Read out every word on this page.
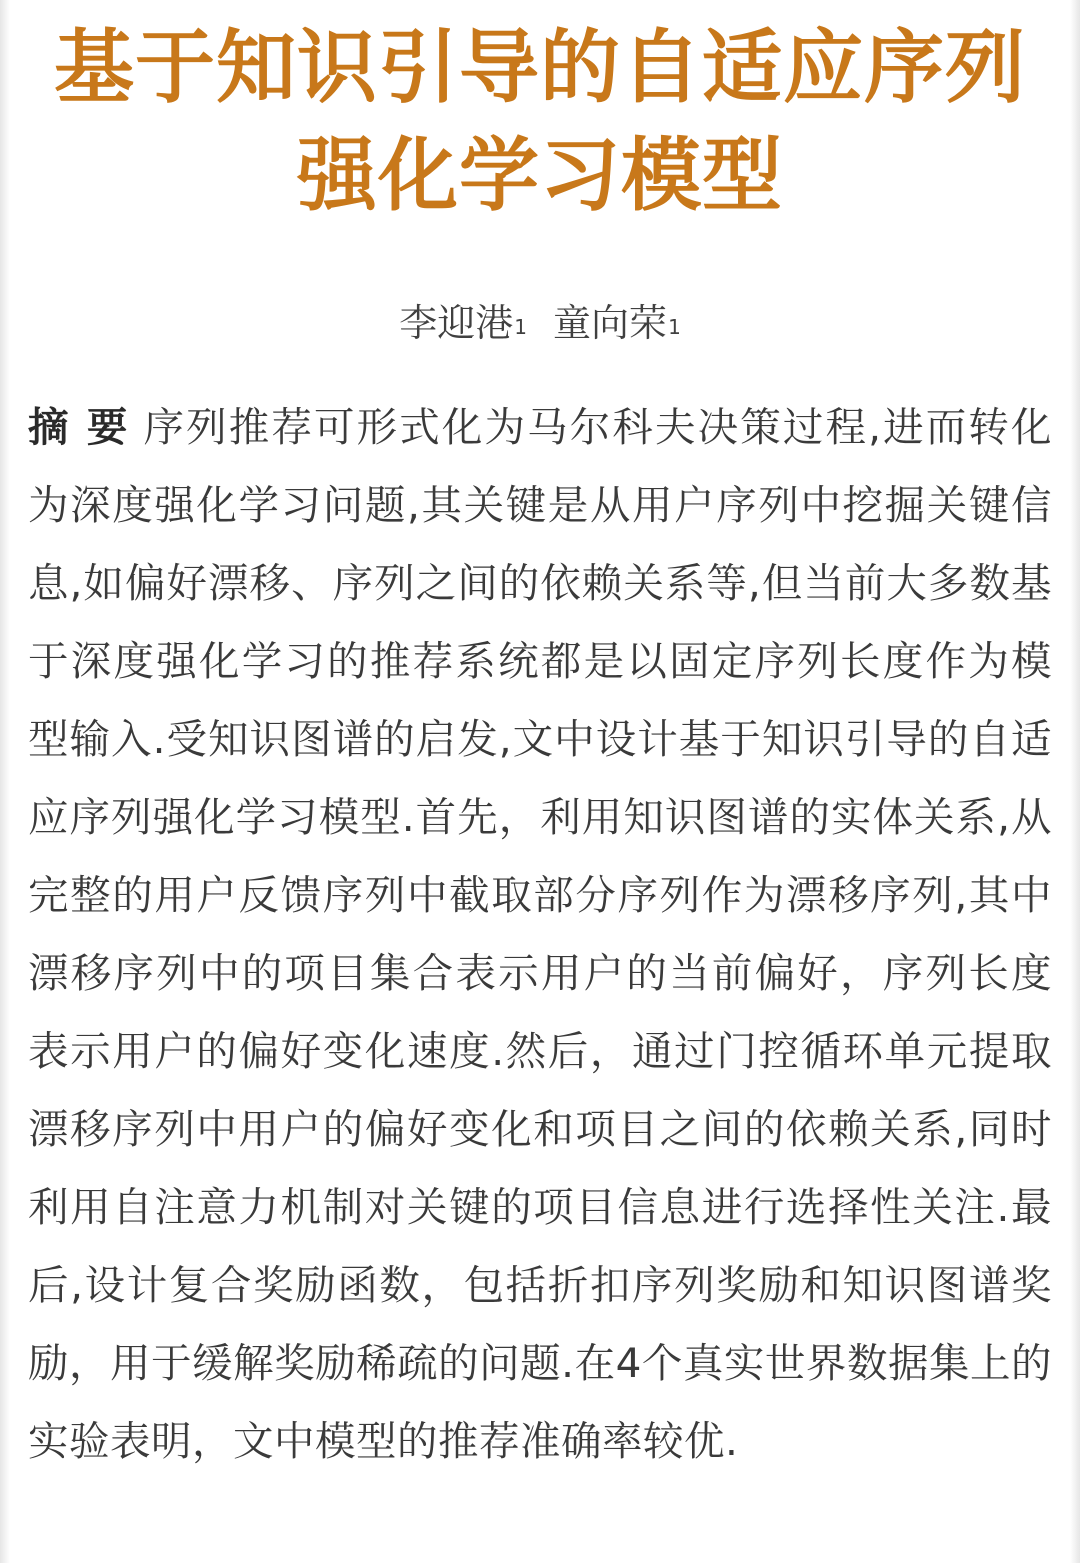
基于知识引导的自适应序列强化学习模型
李迎港$^1$ 童向荣$^1$
摘 要 序列推荐可形式化为马尔科夫决策过程,进而转化为深度强化学习问题,其关键是从用户序列中挖掘关键信息,如偏好漂移、序列之间的依赖关系等,但当前大多数基于深度强化学习的推荐系统都是以固定序列长度作为模型输入.受知识图谱的启发,文中设计基于知识引导的自适应序列强化学习模型.首先，利用知识图谱的实体关系,从完整的用户反馈序列中截取部分序列作为漂移序列,其中漂移序列中的项目集合表示用户的当前偏好，序列长度表示用户的偏好变化速度.然后，通过门控循环单元提取漂移序列中用户的偏好变化和项目之间的依赖关系,同时利用自注意力机制对关键的项目信息进行选择性关注.最后,设计复合奖励函数，包括折扣序列奖励和知识图谱奖励，用于缓解奖励稀疏的问题.在4个真实世界数据集上的实验表明，文中模型的推荐准确率较优.
